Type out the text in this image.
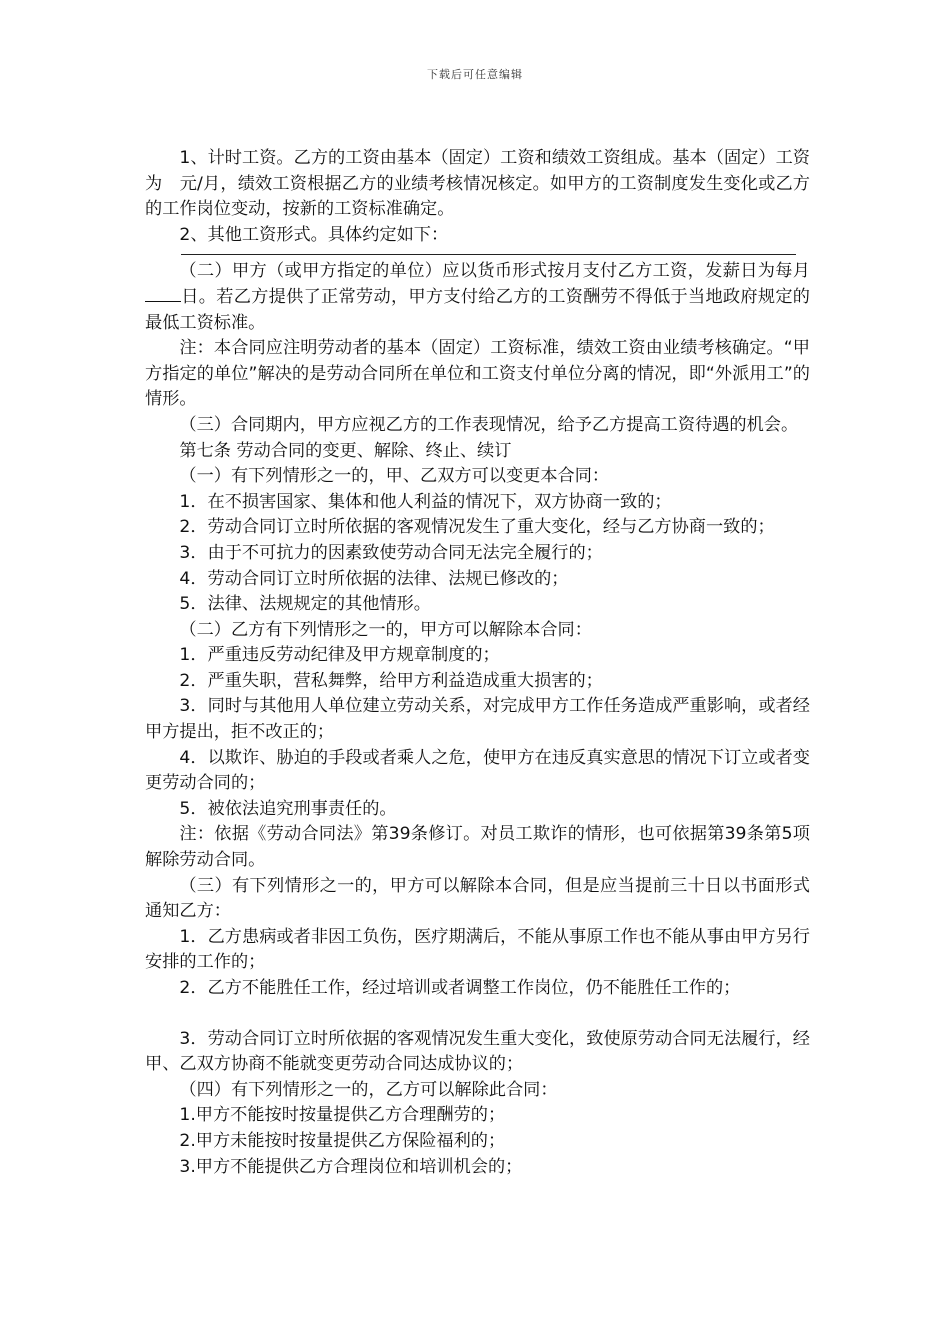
下载后可任意编辑

1、计时工资。乙方的工资由基本（固定）工资和绩效工资组成。基本（固定）工资为　元/月，绩效工资根据乙方的业绩考核情况核定。如甲方的工资制度发生变化或乙方的工作岗位变动，按新的工资标准确定。

2、其他工资形式。具体约定如下：

（二）甲方（或甲方指定的单位）应以货币形式按月支付乙方工资，发薪日为每月日。若乙方提供了正常劳动，甲方支付给乙方的工资酬劳不得低于当地政府规定的最低工资标准。

注：本合同应注明劳动者的基本（固定）工资标准，绩效工资由业绩考核确定。“甲方指定的单位”解决的是劳动合同所在单位和工资支付单位分离的情况，即“外派用工”的情形。

（三）合同期内，甲方应视乙方的工作表现情况，给予乙方提高工资待遇的机会。

第七条 劳动合同的变更、解除、终止、续订

（一）有下列情形之一的，甲、乙双方可以变更本合同：

1．在不损害国家、集体和他人利益的情况下，双方协商一致的；

2．劳动合同订立时所依据的客观情况发生了重大变化，经与乙方协商一致的；

3．由于不可抗力的因素致使劳动合同无法完全履行的；

4．劳动合同订立时所依据的法律、法规已修改的；

5．法律、法规规定的其他情形。

（二）乙方有下列情形之一的，甲方可以解除本合同：

1．严重违反劳动纪律及甲方规章制度的；

2．严重失职，营私舞弊，给甲方利益造成重大损害的；

3．同时与其他用人单位建立劳动关系，对完成甲方工作任务造成严重影响，或者经甲方提出，拒不改正的；

4．以欺诈、胁迫的手段或者乘人之危，使甲方在违反真实意思的情况下订立或者变更劳动合同的；

5．被依法追究刑事责任的。

注：依据《劳动合同法》第39条修订。对员工欺诈的情形，也可依据第39条第5项解除劳动合同。

（三）有下列情形之一的，甲方可以解除本合同，但是应当提前三十日以书面形式通知乙方：

1．乙方患病或者非因工负伤，医疗期满后，不能从事原工作也不能从事由甲方另行安排的工作的；

2．乙方不能胜任工作，经过培训或者调整工作岗位，仍不能胜任工作的；

3．劳动合同订立时所依据的客观情况发生重大变化，致使原劳动合同无法履行，经甲、乙双方协商不能就变更劳动合同达成协议的；

（四）有下列情形之一的，乙方可以解除此合同：

1.甲方不能按时按量提供乙方合理酬劳的；

2.甲方未能按时按量提供乙方保险福利的；

3.甲方不能提供乙方合理岗位和培训机会的；
